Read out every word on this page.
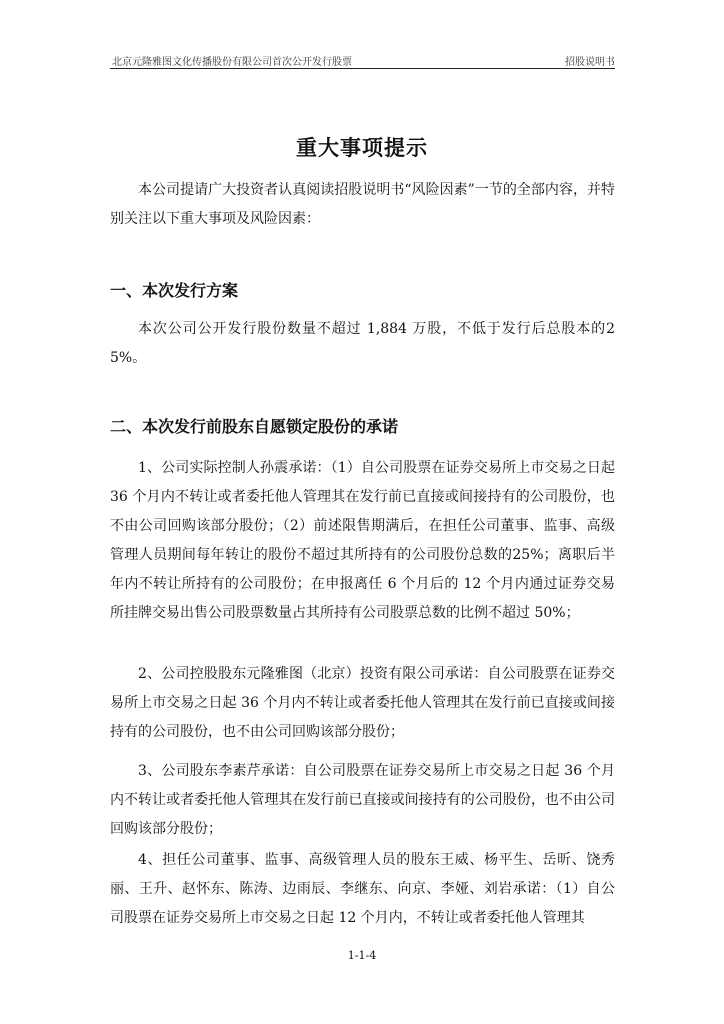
北京元隆雅图文化传播股份有限公司首次公开发行股票	招股说明书
重大事项提示
本公司提请广大投资者认真阅读招股说明书“风险因素”一节的全部内容，并特别关注以下重大事项及风险因素：
一、本次发行方案
本次公司公开发行股份数量不超过 1,884 万股，不低于发行后总股本的25%。
二、本次发行前股东自愿锁定股份的承诺
1、公司实际控制人孙震承诺：（1）自公司股票在证券交易所上市交易之日起 36 个月内不转让或者委托他人管理其在发行前已直接或间接持有的公司股份，也不由公司回购该部分股份；（2）前述限售期满后，在担任公司董事、监事、高级管理人员期间每年转让的股份不超过其所持有的公司股份总数的25%；离职后半年内不转让所持有的公司股份；在申报离任 6 个月后的 12 个月内通过证券交易所挂牌交易出售公司股票数量占其所持有公司股票总数的比例不超过 50%；
2、公司控股股东元隆雅图（北京）投资有限公司承诺：自公司股票在证券交易所上市交易之日起 36 个月内不转让或者委托他人管理其在发行前已直接或间接持有的公司股份，也不由公司回购该部分股份；
3、公司股东李素芹承诺：自公司股票在证券交易所上市交易之日起 36 个月内不转让或者委托他人管理其在发行前已直接或间接持有的公司股份，也不由公司回购该部分股份；
4、担任公司董事、监事、高级管理人员的股东王威、杨平生、岳昕、饶秀丽、王升、赵怀东、陈涛、边雨辰、李继东、向京、李娅、刘岩承诺：（1）自公司股票在证券交易所上市交易之日起 12 个月内，不转让或者委托他人管理其
1-1-4
